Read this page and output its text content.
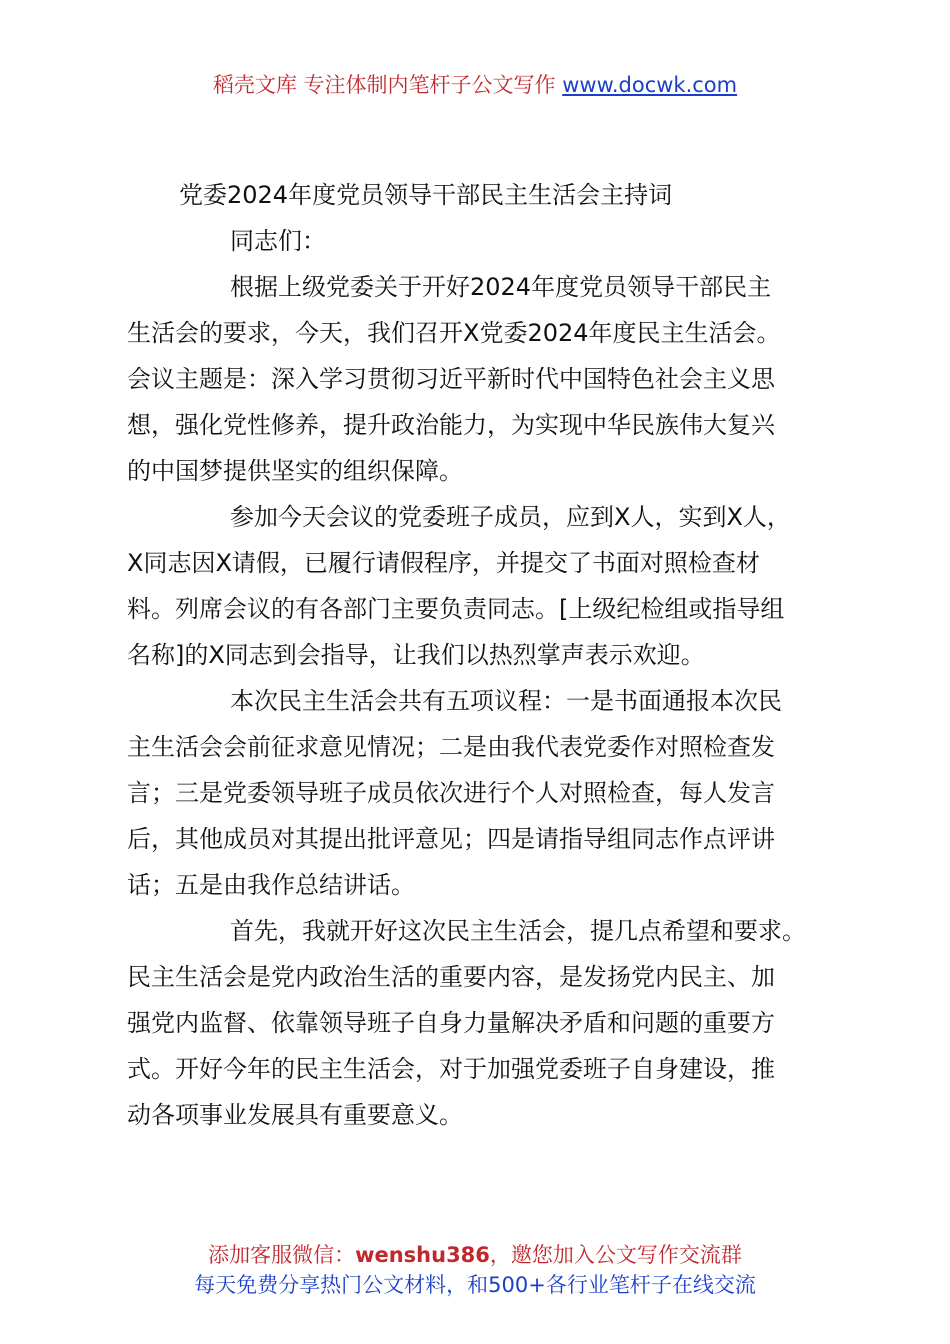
稻壳文库 专注体制内笔杆子公文写作 www.docwk.com
党委2024年度党员领导干部民主生活会主持词

同志们：

根据上级党委关于开好2024年度党员领导干部民主
生活会的要求，今天，我们召开X党委2024年度民主生活会。
会议主题是：深入学习贯彻习近平新时代中国特色社会主义思
想，强化党性修养，提升政治能力，为实现中华民族伟大复兴
的中国梦提供坚实的组织保障。

参加今天会议的党委班子成员，应到X人，实到X人，
X同志因X请假，已履行请假程序，并提交了书面对照检查材
料。列席会议的有各部门主要负责同志。[上级纪检组或指导组
名称]的X同志到会指导，让我们以热烈掌声表示欢迎。

本次民主生活会共有五项议程：一是书面通报本次民
主生活会会前征求意见情况；二是由我代表党委作对照检查发
言；三是党委领导班子成员依次进行个人对照检查，每人发言
后，其他成员对其提出批评意见；四是请指导组同志作点评讲
话；五是由我作总结讲话。

首先，我就开好这次民主生活会，提几点希望和要求。
民主生活会是党内政治生活的重要内容，是发扬党内民主、加
强党内监督、依靠领导班子自身力量解决矛盾和问题的重要方
式。开好今年的民主生活会，对于加强党委班子自身建设，推
动各项事业发展具有重要意义。

添加客服微信：wenshu386，邀您加入公文写作交流群
每天免费分享热门公文材料，和500+各行业笔杆子在线交流
